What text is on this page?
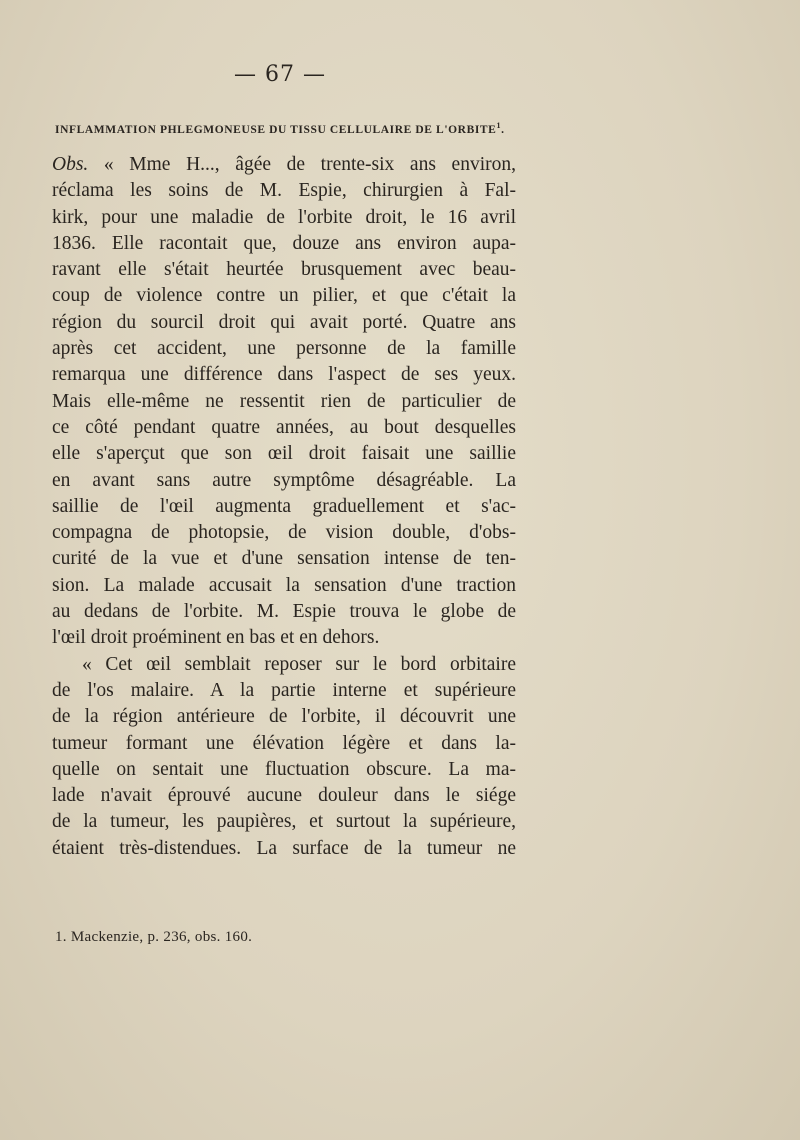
— 67 —
INFLAMMATION PHLEGMONEUSE DU TISSU CELLULAIRE DE L'ORBITE$^1$.
Obs. « Mme H..., âgée de trente-six ans environ,
réclama les soins de M. Espie, chirurgien à Fal-
kirk, pour une maladie de l'orbite droit, le 16 avril
1836. Elle racontait que, douze ans environ aupa-
ravant elle s'était heurtée brusquement avec beau-
coup de violence contre un pilier, et que c'était la
région du sourcil droit qui avait porté. Quatre ans
après cet accident, une personne de la famille
remarqua une différence dans l'aspect de ses yeux.
Mais elle-même ne ressentit rien de particulier de
ce côté pendant quatre années, au bout desquelles
elle s'aperçut que son œil droit faisait une saillie
en avant sans autre symptôme désagréable. La
saillie de l'œil augmenta graduellement et s'ac-
compagna de photopsie, de vision double, d'obs-
curité de la vue et d'une sensation intense de ten-
sion. La malade accusait la sensation d'une traction
au dedans de l'orbite. M. Espie trouva le globe de
l'œil droit proéminent en bas et en dehors.
« Cet œil semblait reposer sur le bord orbitaire
de l'os malaire. A la partie interne et supérieure
de la région antérieure de l'orbite, il découvrit une
tumeur formant une élévation légère et dans la-
quelle on sentait une fluctuation obscure. La ma-
lade n'avait éprouvé aucune douleur dans le siége
de la tumeur, les paupières, et surtout la supérieure,
étaient très-distendues. La surface de la tumeur ne
1. Mackenzie, p. 236, obs. 160.
